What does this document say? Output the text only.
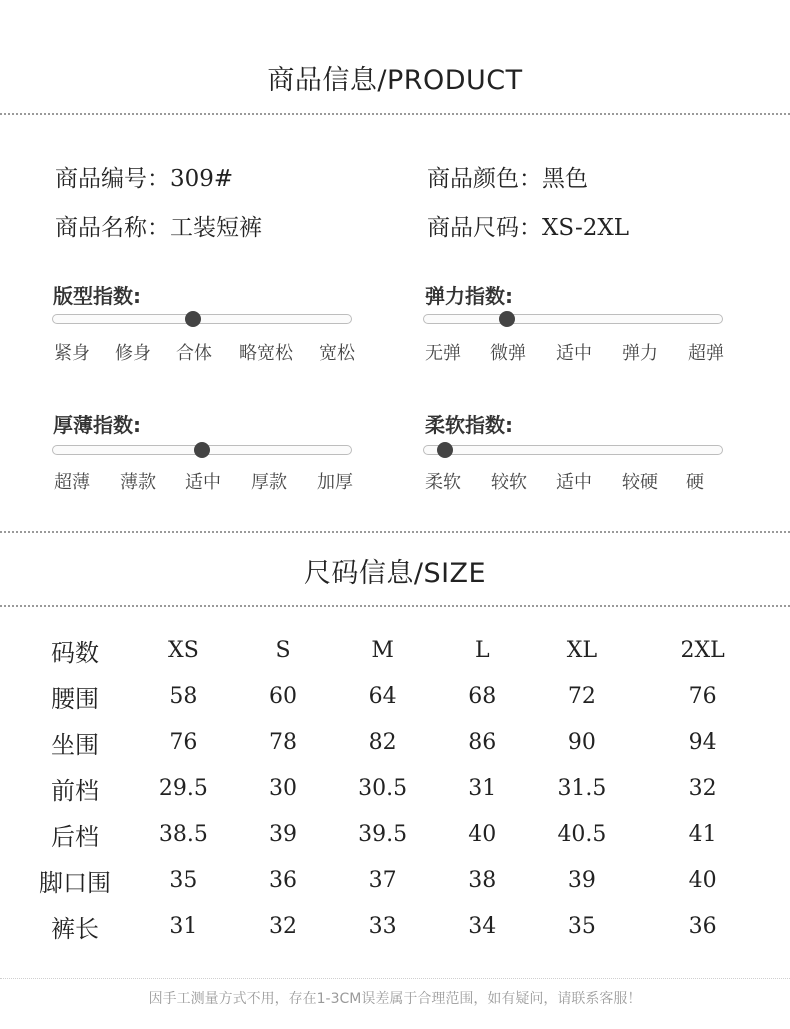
商品信息/PRODUCT
商品编号：309#	商品颜色：黑色
商品名称：工装短裤	商品尺码：XS-2XL
版型指数:
紧身 修身 合体 略宽松 宽松
弹力指数:
无弹 微弹 适中 弹力 超弹
厚薄指数:
超薄 薄款 适中 厚款 加厚
柔软指数:
柔软 较软 适中 较硬 硬
尺码信息/SIZE
码数	XS	S	M	L	XL	2XL
腰围	58	60	64	68	72	76
坐围	76	78	82	86	90	94
前档	29.5	30	30.5	31	31.5	32
后档	38.5	39	39.5	40	40.5	41
脚口围	35	36	37	38	39	40
裤长	31	32	33	34	35	36
因手工测量方式不用，存在1-3CM误差属于合理范围，如有疑问，请联系客服！
